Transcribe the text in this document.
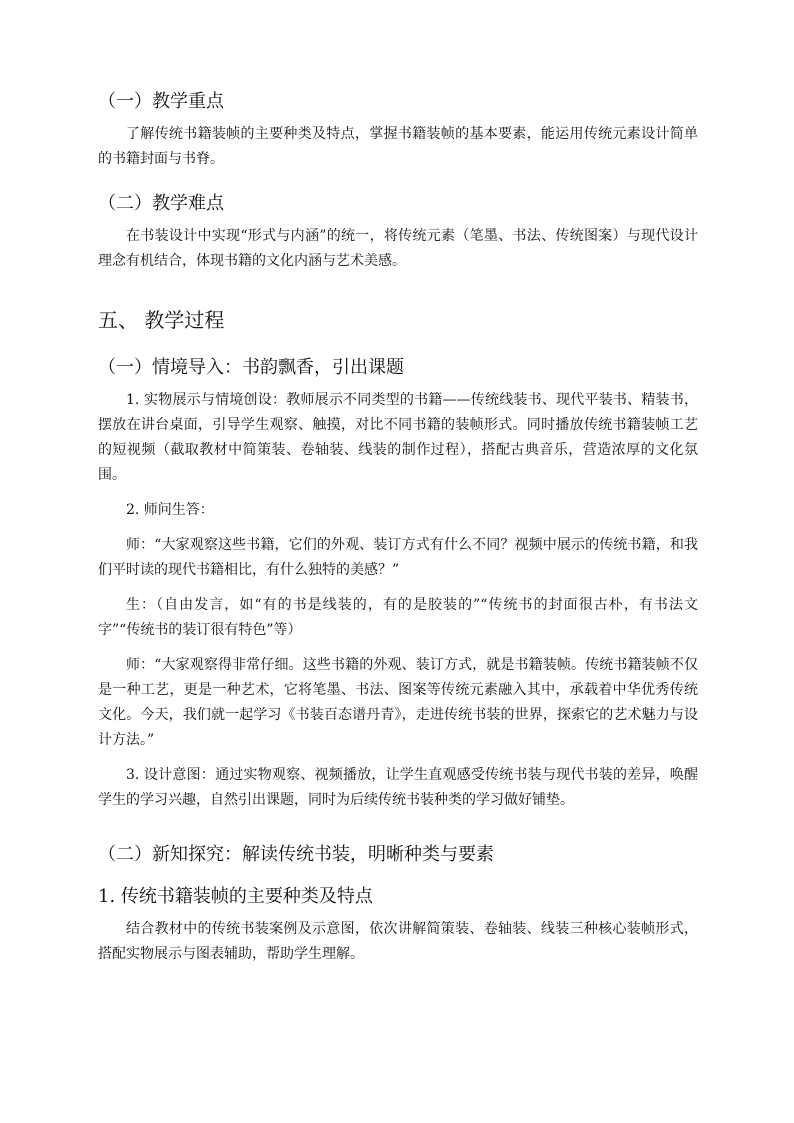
（一）教学重点

了解传统书籍装帧的主要种类及特点，掌握书籍装帧的基本要素，能运用传统元素设计简单的书籍封面与书脊。

（二）教学难点

在书装设计中实现“形式与内涵”的统一，将传统元素（笔墨、书法、传统图案）与现代设计理念有机结合，体现书籍的文化内涵与艺术美感。

五、 教学过程
（一）情境导入：书韵飘香，引出课题

1. 实物展示与情境创设：教师展示不同类型的书籍——传统线装书、现代平装书、精装书，摆放在讲台桌面，引导学生观察、触摸，对比不同书籍的装帧形式。同时播放传统书籍装帧工艺的短视频（截取教材中简策装、卷轴装、线装的制作过程），搭配古典音乐，营造浓厚的文化氛围。

2. 师问生答：

师：“大家观察这些书籍，它们的外观、装订方式有什么不同？视频中展示的传统书籍，和我们平时读的现代书籍相比，有什么独特的美感？”

生：（自由发言，如“有的书是线装的，有的是胶装的”“传统书的封面很古朴，有书法文字”“传统书的装订很有特色”等）

师：“大家观察得非常仔细。这些书籍的外观、装订方式，就是书籍装帧。传统书籍装帧不仅是一种工艺，更是一种艺术，它将笔墨、书法、图案等传统元素融入其中，承载着中华优秀传统文化。今天，我们就一起学习《书装百态谱丹青》，走进传统书装的世界，探索它的艺术魅力与设计方法。”

3. 设计意图：通过实物观察、视频播放，让学生直观感受传统书装与现代书装的差异，唤醒学生的学习兴趣，自然引出课题，同时为后续传统书装种类的学习做好铺垫。

（二）新知探究：解读传统书装，明晰种类与要素
1. 传统书籍装帧的主要种类及特点

结合教材中的传统书装案例及示意图，依次讲解简策装、卷轴装、线装三种核心装帧形式，搭配实物展示与图表辅助，帮助学生理解。
